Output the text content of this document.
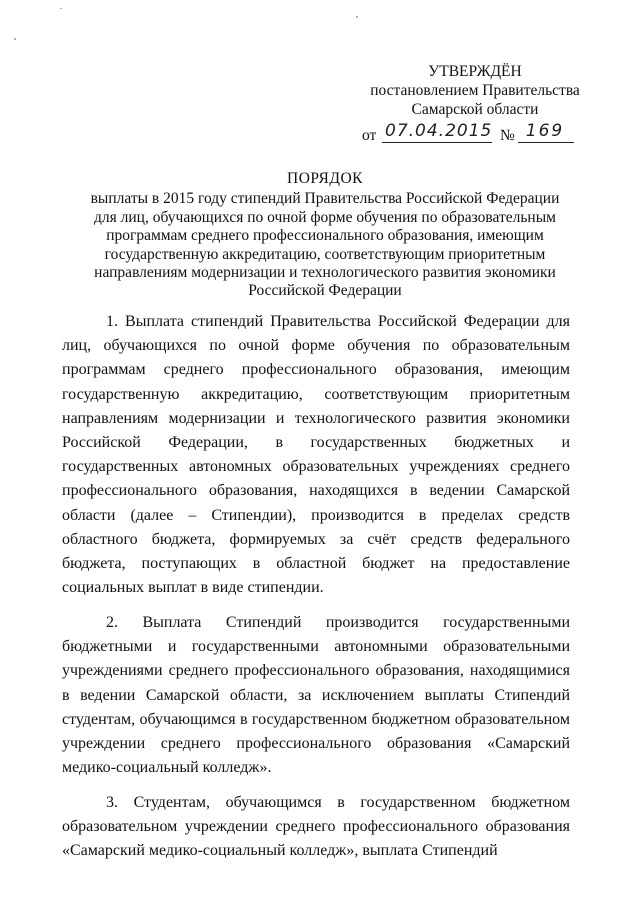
УТВЕРЖДЁН
постановлением Правительства
Самарской области
от 07.04.2015 № 169
ПОРЯДОК
выплаты в 2015 году стипендий Правительства Российской Федерации
для лиц, обучающихся по очной форме обучения по образовательным
программам среднего профессионального образования, имеющим
государственную аккредитацию, соответствующим приоритетным
направлениям модернизации и технологического развития экономики
Российской Федерации

1. Выплата стипендий Правительства Российской Федерации для лиц, обучающихся по очной форме обучения по образовательным программам среднего профессионального образования, имеющим государственную аккредитацию, соответствующим приоритетным направлениям модернизации и технологического развития экономики Российской Федерации, в государственных бюджетных и государственных автономных образовательных учреждениях среднего профессионального образования, находящихся в ведении Самарской области (далее – Стипендии), производится в пределах средств областного бюджета, формируемых за счёт средств федерального бюджета, поступающих в областной бюджет на предоставление социальных выплат в виде стипендии.

2. Выплата Стипендий производится государственными бюджетными и государственными автономными образовательными учреждениями среднего профессионального образования, находящимися в ведении Самарской области, за исключением выплаты Стипендий студентам, обучающимся в государственном бюджетном образовательном учреждении среднего профессионального образования «Самарский медико-социальный колледж».

3. Студентам, обучающимся в государственном бюджетном образовательном учреждении среднего профессионального образования «Самарский медико-социальный колледж», выплата Стипендий
